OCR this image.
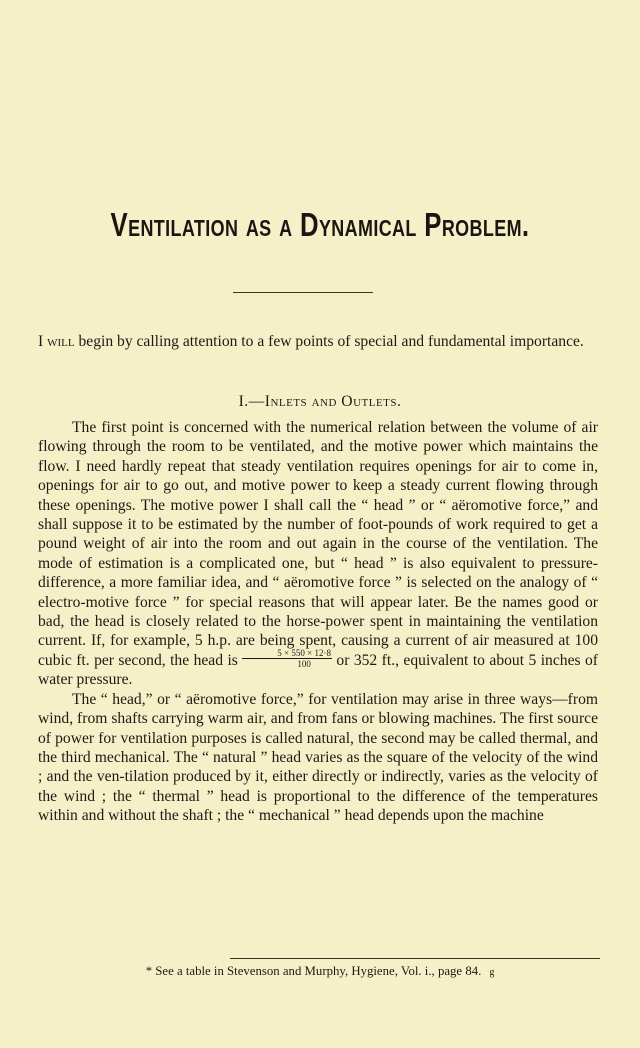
Ventilation as a Dynamical Problem.
I will begin by calling attention to a few points of special and fundamental importance.
I.—Inlets and Outlets.

The first point is concerned with the numerical relation between the volume of air flowing through the room to be ventilated, and the motive power which maintains the flow. I need hardly repeat that steady ventilation requires openings for air to come in, openings for air to go out, and motive power to keep a steady current flowing through these openings. The motive power I shall call the “ head ” or “ aëromotive force,” and shall suppose it to be estimated by the number of foot-pounds of work required to get a pound weight of air into the room and out again in the course of the ventilation. The mode of estimation is a complicated one, but “ head ” is also equivalent to pressure-difference, a more familiar idea, and “ aëromotive force ” is selected on the analogy of “ electro-motive force ” for special reasons that will appear later. Be the names good or bad, the head is closely related to the horse-power spent in maintaining the ventilation current. If, for example, 5 h.p. are being spent, causing a current of air measured at 100 cubic ft. per second, the head is $\frac{5 \times 550 \times 12\cdot 8}{100}$ or 352 ft., equivalent to about 5 inches of water pressure.

The “ head,” or “ aëromotive force,” for ventilation may arise in three ways—from wind, from shafts carrying warm air, and from fans or blowing machines. The first source of power for ventilation purposes is called natural, the second may be called thermal, and the third mechanical. The “ natural ” head varies as the square of the velocity of the wind ; and the ven-tilation produced by it, either directly or indirectly, varies as the velocity of the wind ; the “ thermal ” head is proportional to the difference of the temperatures within and without the shaft ; the “ mechanical ” head depends upon the machine

* See a table in Stevenson and Murphy, Hygiene, Vol. i., page 84. g
